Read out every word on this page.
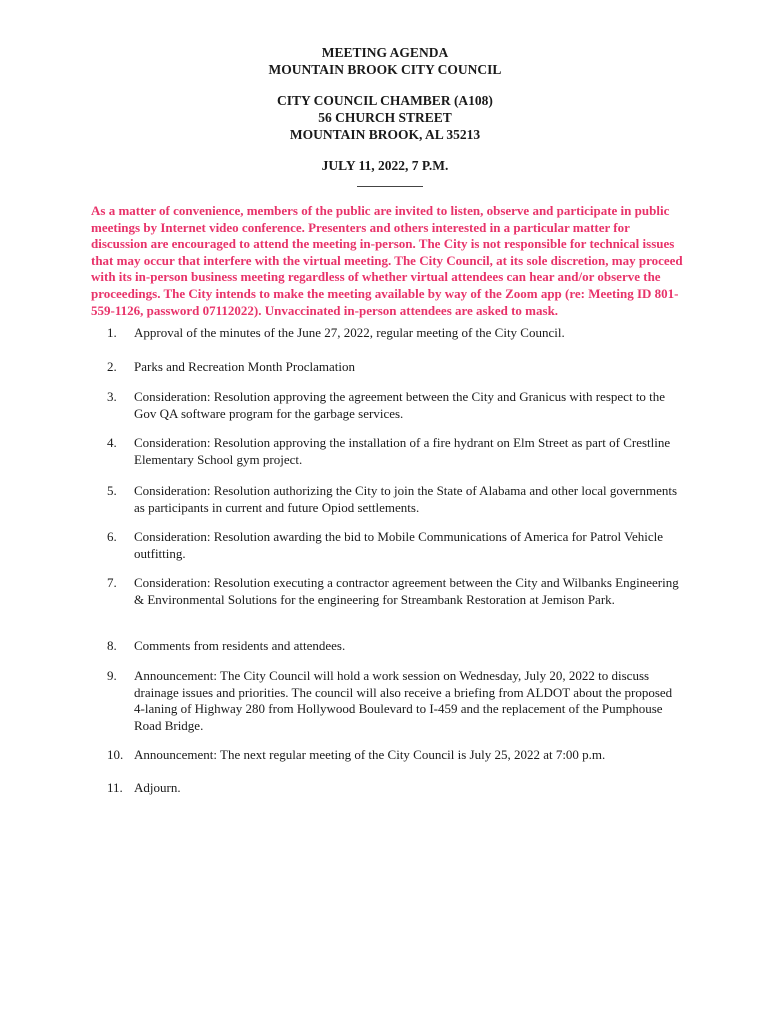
MEETING AGENDA
MOUNTAIN BROOK CITY COUNCIL
CITY COUNCIL CHAMBER (A108)
56 CHURCH STREET
MOUNTAIN BROOK, AL 35213
JULY 11, 2022, 7 P.M.
As a matter of convenience, members of the public are invited to listen, observe and participate in public meetings by Internet video conference. Presenters and others interested in a particular matter for discussion are encouraged to attend the meeting in-person. The City is not responsible for technical issues that may occur that interfere with the virtual meeting. The City Council, at its sole discretion, may proceed with its in-person business meeting regardless of whether virtual attendees can hear and/or observe the proceedings. The City intends to make the meeting available by way of the Zoom app (re: Meeting ID 801-559-1126, password 07112022). Unvaccinated in-person attendees are asked to mask.
1.	Approval of the minutes of the June 27, 2022, regular meeting of the City Council.
2.	Parks and Recreation Month Proclamation
3.	Consideration: Resolution approving the agreement between the City and Granicus with respect to the Gov QA software program for the garbage services.
4.	Consideration: Resolution approving the installation of a fire hydrant on Elm Street as part of Crestline Elementary School gym project.
5.	Consideration: Resolution authorizing the City to join the State of Alabama and other local governments as participants in current and future Opiod settlements.
6.	Consideration: Resolution awarding the bid to Mobile Communications of America for Patrol Vehicle outfitting.
7.	Consideration: Resolution executing a contractor agreement between the City and Wilbanks Engineering & Environmental Solutions for the engineering for Streambank Restoration at Jemison Park.
8.	Comments from residents and attendees.
9.	Announcement: The City Council will hold a work session on Wednesday, July 20, 2022 to discuss drainage issues and priorities. The council will also receive a briefing from ALDOT about the proposed 4-laning of Highway 280 from Hollywood Boulevard to I-459 and the replacement of the Pumphouse Road Bridge.
10. Announcement: The next regular meeting of the City Council is July 25, 2022 at 7:00 p.m.
11. Adjourn.
